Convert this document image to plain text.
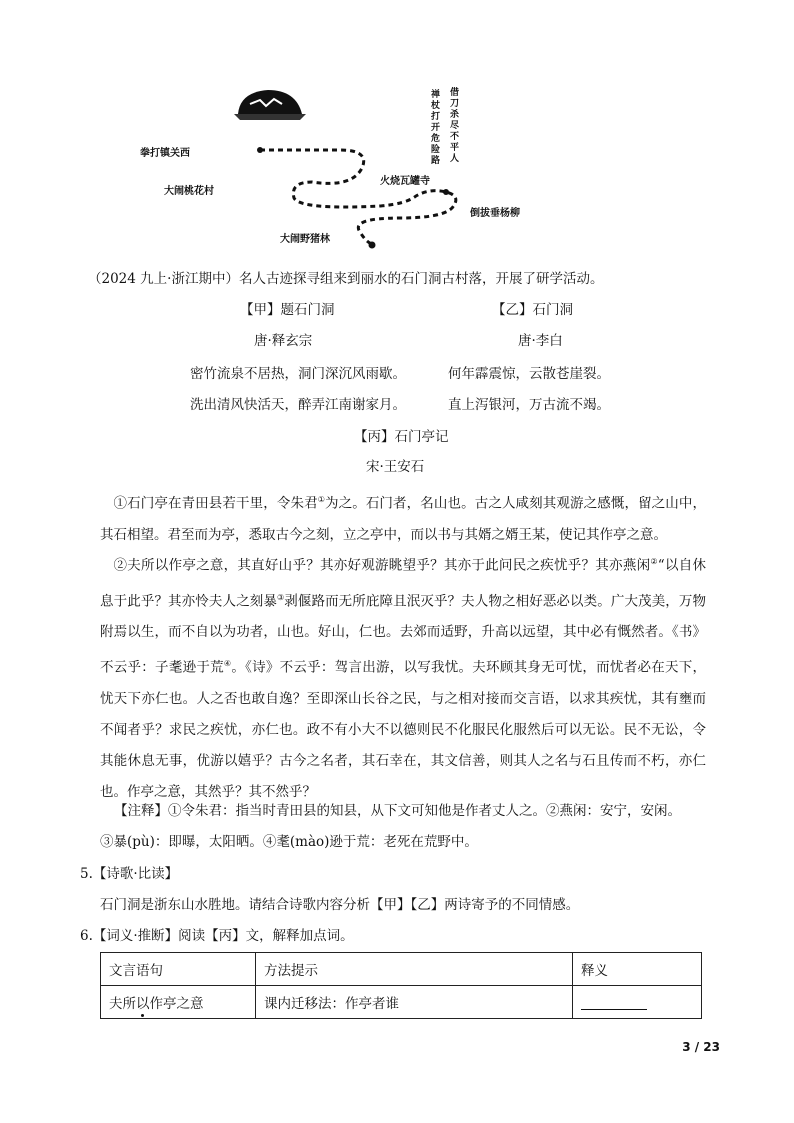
拳打镇关西
大闹桃花村
火烧瓦罐寺
倒拔垂杨柳
大闹野猪林
禅杖打开危险路
借刀杀尽不平人
（2024 九上·浙江期中）名人古迹探寻组来到丽水的石门洞古村落，开展了研学活动。
【甲】题石门洞	【乙】石门洞
唐·释玄宗	唐·李白
密竹流泉不居热，洞门深沉风雨歇。	何年霹震惊，云散苍崖裂。
洗出清风快活天，醉弄江南谢家月。	直上泻银河，万古流不竭。
【丙】石门亭记
宋·王安石
①石门亭在青田县若干里，令朱君①为之。石门者，名山也。古之人咸刻其观游之感慨，留之山中，其石相望。君至而为亭，悉取古今之刻，立之亭中，而以书与其婿之婿王某，使记其作亭之意。
②夫所以作亭之意，其直好山乎？其亦好观游眺望乎？其亦于此问民之疾忧乎？其亦燕闲②“以自休息于此乎？其亦怜夫人之刻暴③剥偃路而无所庇障且泯灭乎？夫人物之相好恶必以类。广大茂美，万物附焉以生，而不自以为功者，山也。好山，仁也。去郊而适野，升高以远望，其中必有慨然者。《书》不云乎：子耄逊于荒④。《诗》不云乎：驾言出游，以写我忧。夫环顾其身无可忧，而忧者必在天下，忧天下亦仁也。人之否也敢自逸？至即深山长谷之民，与之相对接而交言语，以求其疾忧，其有壅而不闻者乎？求民之疾忧，亦仁也。政不有小大不以德则民不化服民化服然后可以无讼。民不无讼，令其能休息无事，优游以嬉乎？古今之名者，其石幸在，其文信善，则其人之名与石且传而不朽，亦仁也。作亭之意，其然乎？其不然乎？
【注释】①令朱君：指当时青田县的知县，从下文可知他是作者丈人之。②燕闲：安宁，安闲。
③暴(pù)：即曝，太阳晒。④耄(mào)逊于荒：老死在荒野中。
5.【诗歌·比读】
石门洞是浙东山水胜地。请结合诗歌内容分析【甲】【乙】两诗寄予的不同情感。
6.【词义·推断】阅读【丙】文，解释加点词。
文言语句	方法提示	释义
夫所以作亭之意	课内迁移法：作亭者谁	
3 / 23
